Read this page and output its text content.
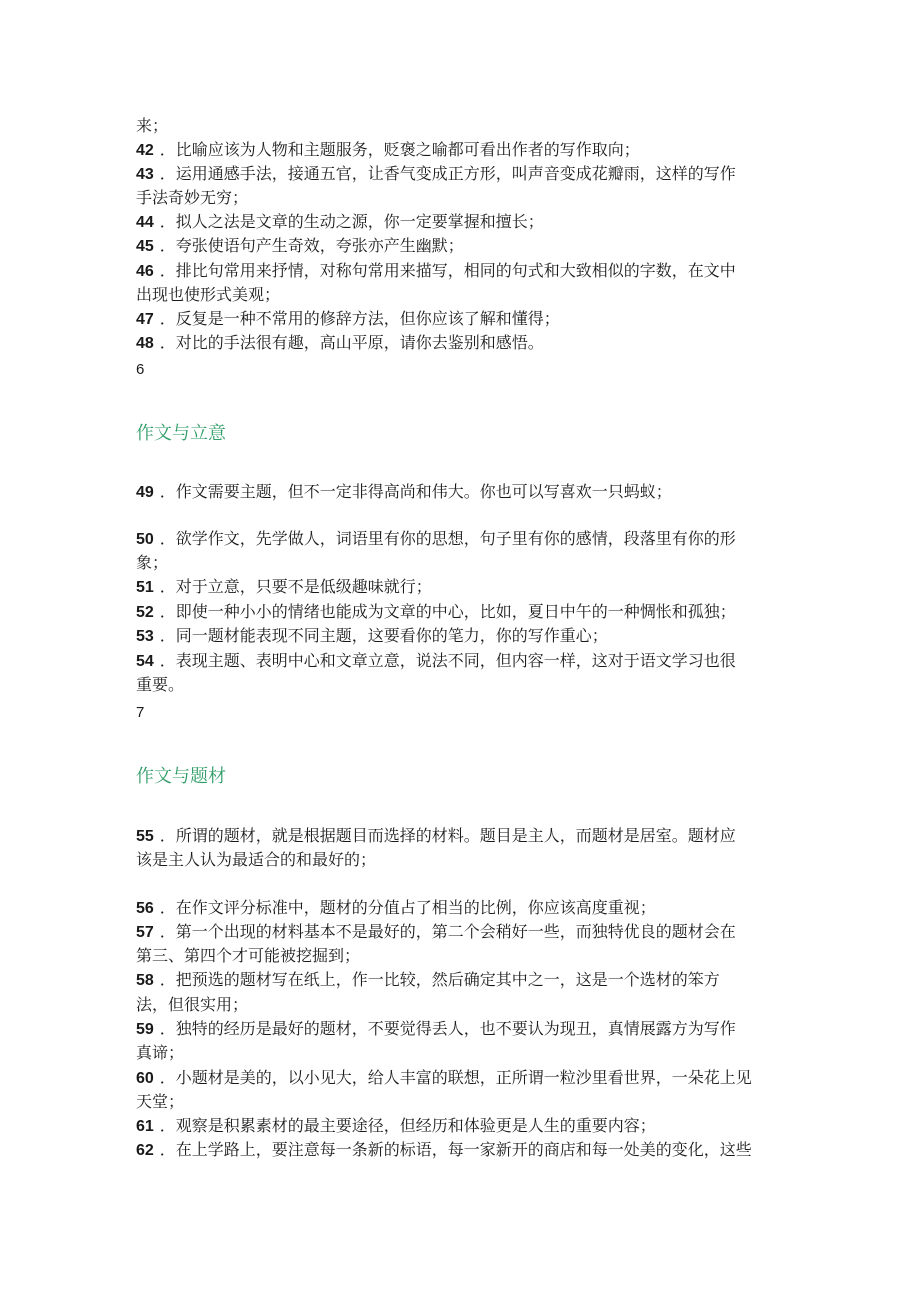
来；
42 ．比喻应该为人物和主题服务，贬褒之喻都可看出作者的写作取向；
43 ．运用通感手法，接通五官，让香气变成正方形，叫声音变成花瓣雨，这样的写作
手法奇妙无穷；
44 ．拟人之法是文章的生动之源，你一定要掌握和擅长；
45 ．夸张使语句产生奇效，夸张亦产生幽默；
46 ．排比句常用来抒情，对称句常用来描写，相同的句式和大致相似的字数，在文中
出现也使形式美观；
47 ．反复是一种不常用的修辞方法，但你应该了解和懂得；
48 ．对比的手法很有趣，高山平原，请你去鉴别和感悟。
6
作文与立意
49 ．作文需要主题，但不一定非得高尚和伟大。你也可以写喜欢一只蚂蚁；
50 ．欲学作文，先学做人，词语里有你的思想，句子里有你的感情，段落里有你的形
象；
51 ．对于立意，只要不是低级趣味就行；
52 ．即使一种小小的情绪也能成为文章的中心，比如，夏日中午的一种惆怅和孤独；
53 ．同一题材能表现不同主题，这要看你的笔力，你的写作重心；
54 ．表现主题、表明中心和文章立意，说法不同，但内容一样，这对于语文学习也很
重要。
7
作文与题材
55 ．所谓的题材，就是根据题目而选择的材料。题目是主人，而题材是居室。题材应
该是主人认为最适合的和最好的；
56 ．在作文评分标准中，题材的分值占了相当的比例，你应该高度重视；
57 ．第一个出现的材料基本不是最好的，第二个会稍好一些，而独特优良的题材会在
第三、第四个才可能被挖掘到；
58 ．把预选的题材写在纸上，作一比较，然后确定其中之一，这是一个选材的笨方
法，但很实用；
59 ．独特的经历是最好的题材，不要觉得丢人，也不要认为现丑，真情展露方为写作
真谛；
60 ．小题材是美的，以小见大，给人丰富的联想，正所谓一粒沙里看世界，一朵花上见
天堂；
61 ．观察是积累素材的最主要途径，但经历和体验更是人生的重要内容；
62 ．在上学路上，要注意每一条新的标语，每一家新开的商店和每一处美的变化，这些
